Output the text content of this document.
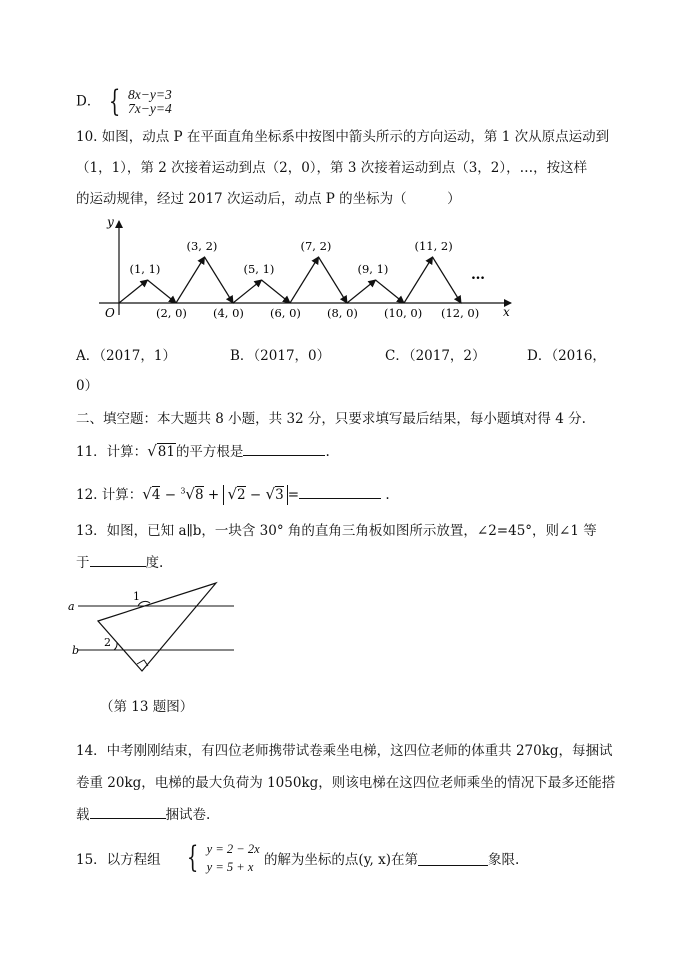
D． { 8x−y=3
7x−y=4
10. 如图，动点 P 在平面直角坐标系中按图中箭头所示的方向运动，第 1 次从原点运动到
（1，1），第 2 次接着运动到点（2，0），第 3 次接着运动到点（3，2），…，按这样
的运动规律，经过 2017 次运动后，动点 P 的坐标为（　　　）
y
x
O
(1, 1)
(3, 2)
(5, 1)
(7, 2)
(9, 1)
(11, 2)
(2, 0) (4, 0) (6, 0) (8, 0) (10, 0) (12, 0)
…
A．（2017，1）	B．（2017，0）	C．（2017，2）	D．（2016，
0）
二、填空题：本大题共 8 小题，共 32 分，只要求填写最后结果，每小题填对得 4 分.
11．计算：√81的平方根是	.
12. 计算：√4 − $^3$√8 + √2 − √3 =	.
13．如图，已知 a∥b，一块含 30° 角的直角三角板如图所示放置，∠2=45°，则∠1 等
于	度.
a
b
1
2
（第 13 题图）
14．中考刚刚结束，有四位老师携带试卷乘坐电梯，这四位老师的体重共 270kg，每捆试
卷重 20kg，电梯的最大负荷为 1050kg，则该电梯在这四位老师乘坐的情况下最多还能搭
载	捆试卷.
15．以方程组 { y = 2 − 2x
y = 5 + x 的解为坐标的点(y, x)在第	象限.
